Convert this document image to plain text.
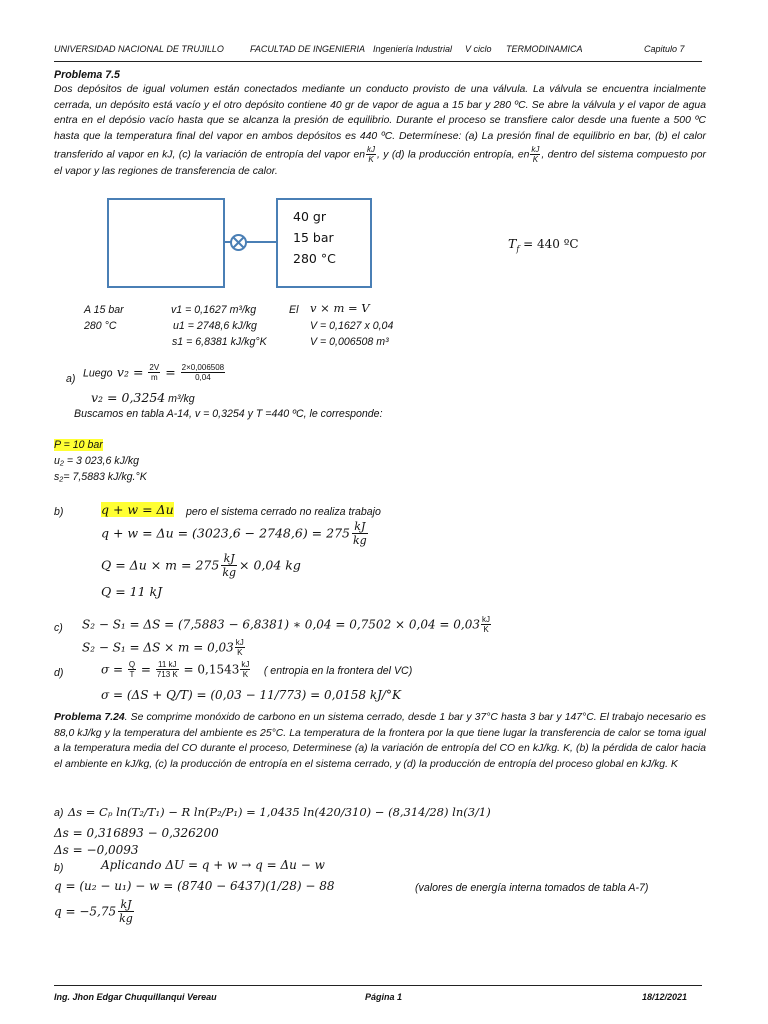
UNIVERSIDAD NACIONAL DE TRUJILLO	FACULTAD DE INGENIERIA Ingeniería Industrial V ciclo TERMODINAMICA	Capitulo 7
Problema 7.5
Dos depósitos de igual volumen están conectados mediante un conducto provisto de una válvula. La válvula se encuentra incialmente cerrada, un depósito está vacío y el otro depósito contiene 40 gr de vapor de agua a 15 bar y 280 ºC. Se abre la válvula y el vapor de agua entra en el depósio vacío hasta que se alcanza la presión de equilibrio. Durante el proceso se transfiere calor desde una fuente a 500 ºC hasta que la temperatura final del vapor en ambos depósitos es 440 ºC. Determínese: (a) La presión final de equilibrio en bar, (b) el calor transferido al vapor en kJ, (c) la variación de entropía del vapor en $\frac{kJ}{K}$ , y (d) la producción entropía, en $\frac{kJ}{K}$ , dentro del sistema compuesto por el vapor y las regiones de transferencia de calor.
40 gr
15 bar
280 °C
$T_f = 440$ ºC
A 15 bar
280 °C
v1 = 0,1627 m³/kg
u1 = 2748,6 kJ/kg
s1 = 6,8381 kJ/kg°K
El v × m = V
V = 0,1627 x 0,04
V = 0,006508 m³
a) Luego $v_2 = \frac{2V}{m} = \frac{2\times 0,006508}{0,04}$
v₂ = 0,3254 m³/kg
Buscamos en tabla A-14, v = 0,3254 y T =440 ºC, le corresponde:
P = 10 bar
u₂ = 3 023,6 kJ/kg
s₂= 7,5883 kJ/kg.°K
b)	q + w = Δu pero el sistema cerrado no realiza trabajo
$q + w = \Delta u = (3023,6 - 2748,6) = 275 \frac{kJ}{kg}$
$Q = \Delta u \times m = 275 \frac{kJ}{kg} \times 0,04$ kg
Q = 11 kJ
c) S₂ − S₁ = ΔS = (7,5883 − 6,8381) ∗ $0,04 = 0,7502 \times 0,04 = 0,03 \frac{kJ}{K}$
$S_2 - S_1 = \Delta S \times m = 0,03 \frac{kJ}{K}$
d)	$\sigma = \frac{Q}{T} = \frac{11 kJ}{713 K} = 0,1543 \frac{kJ}{K}$ ( entropia en la frontera del VC)
σ = (ΔS + Q/T) = (0,03 − 11/773) = 0,0158 kJ/°K
Problema 7.24. Se comprime monóxido de carbono en un sistema cerrado, desde 1 bar y 37°C hasta 3 bar y 147°C. El trabajo necesario es 88,0 kJ/kg y la temperatura del ambiente es 25°C. La temperatura de la frontera por la que tiene lugar la transferencia de calor se toma igual a la temperatura media del CO durante el proceso, Determinese (a) la variación de entropía del CO en kJ/kg. K, (b) la pérdida de calor hacia el ambiente en kJ/kg, (c) la producción de entropía en el sistema cerrado, y (d) la producción de entropía del proceso global en kJ/kg. K
a) Δs = Cₚ ln(T₂/T₁) − R ln(P₂/P₁) = 1,0435 ln(420/310) − (8,314/28) ln(3/1)
Δs = 0,316893 − 0,326200
Δs = −0,0093
b)	Aplicando ΔU = q + w → q = Δu − w
q = (u₂ − u₁) − w = (8740 − 6437)(1/28) − 88	(valores de energía interna tomados de tabla A-7)
$q = -5,75 \frac{kJ}{kg}$
Ing. Jhon Edgar Chuquillanqui Vereau	Página 1	18/12/2021
